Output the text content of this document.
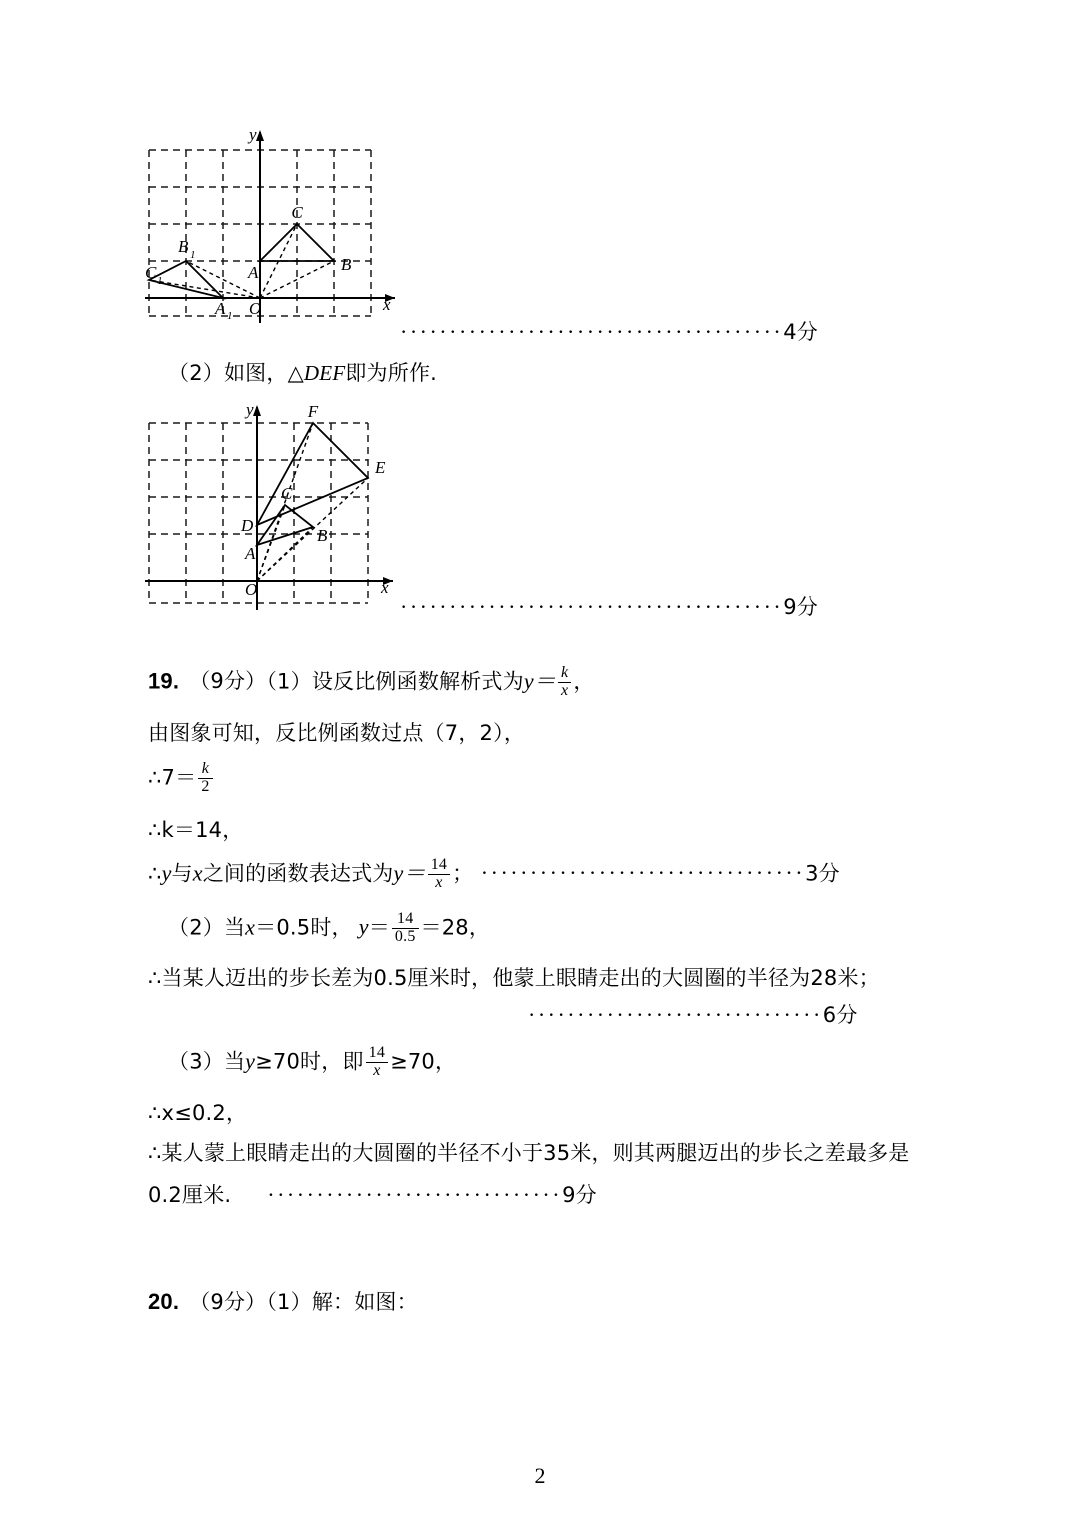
C
B
A
B 1
C 1
A 1 O	x
y
·······································4分
（2）如图，△DEF即为所作.
F
E
D
C
B
A
O	x
y
·······································9分
19. （9分）（1）设反比例函数解析式为$y= \frac{k}{x}$ ，
由图象可知，反比例函数过点（7，2），
∴7＝ $\frac{k}{2}$
∴k＝14，
∴y与x之间的函数表达式为$y= \frac{14}{x}$ ； ·································3分
（2）当x＝0.5时， $y= \frac{14}{0.5} =28$，
∴当某人迈出的步长差为0.5厘米时，他蒙上眼睛走出的大圆圈的半径为28米；
······························6分
（3）当y≥70时，即 $\frac{14}{x} \ge 70$，
∴x≤0.2，
∴某人蒙上眼睛走出的大圆圈的半径不小于35米，则其两腿迈出的步长之差最多是
0.2厘米. ······························9分
20. （9分）（1）解：如图：
2
